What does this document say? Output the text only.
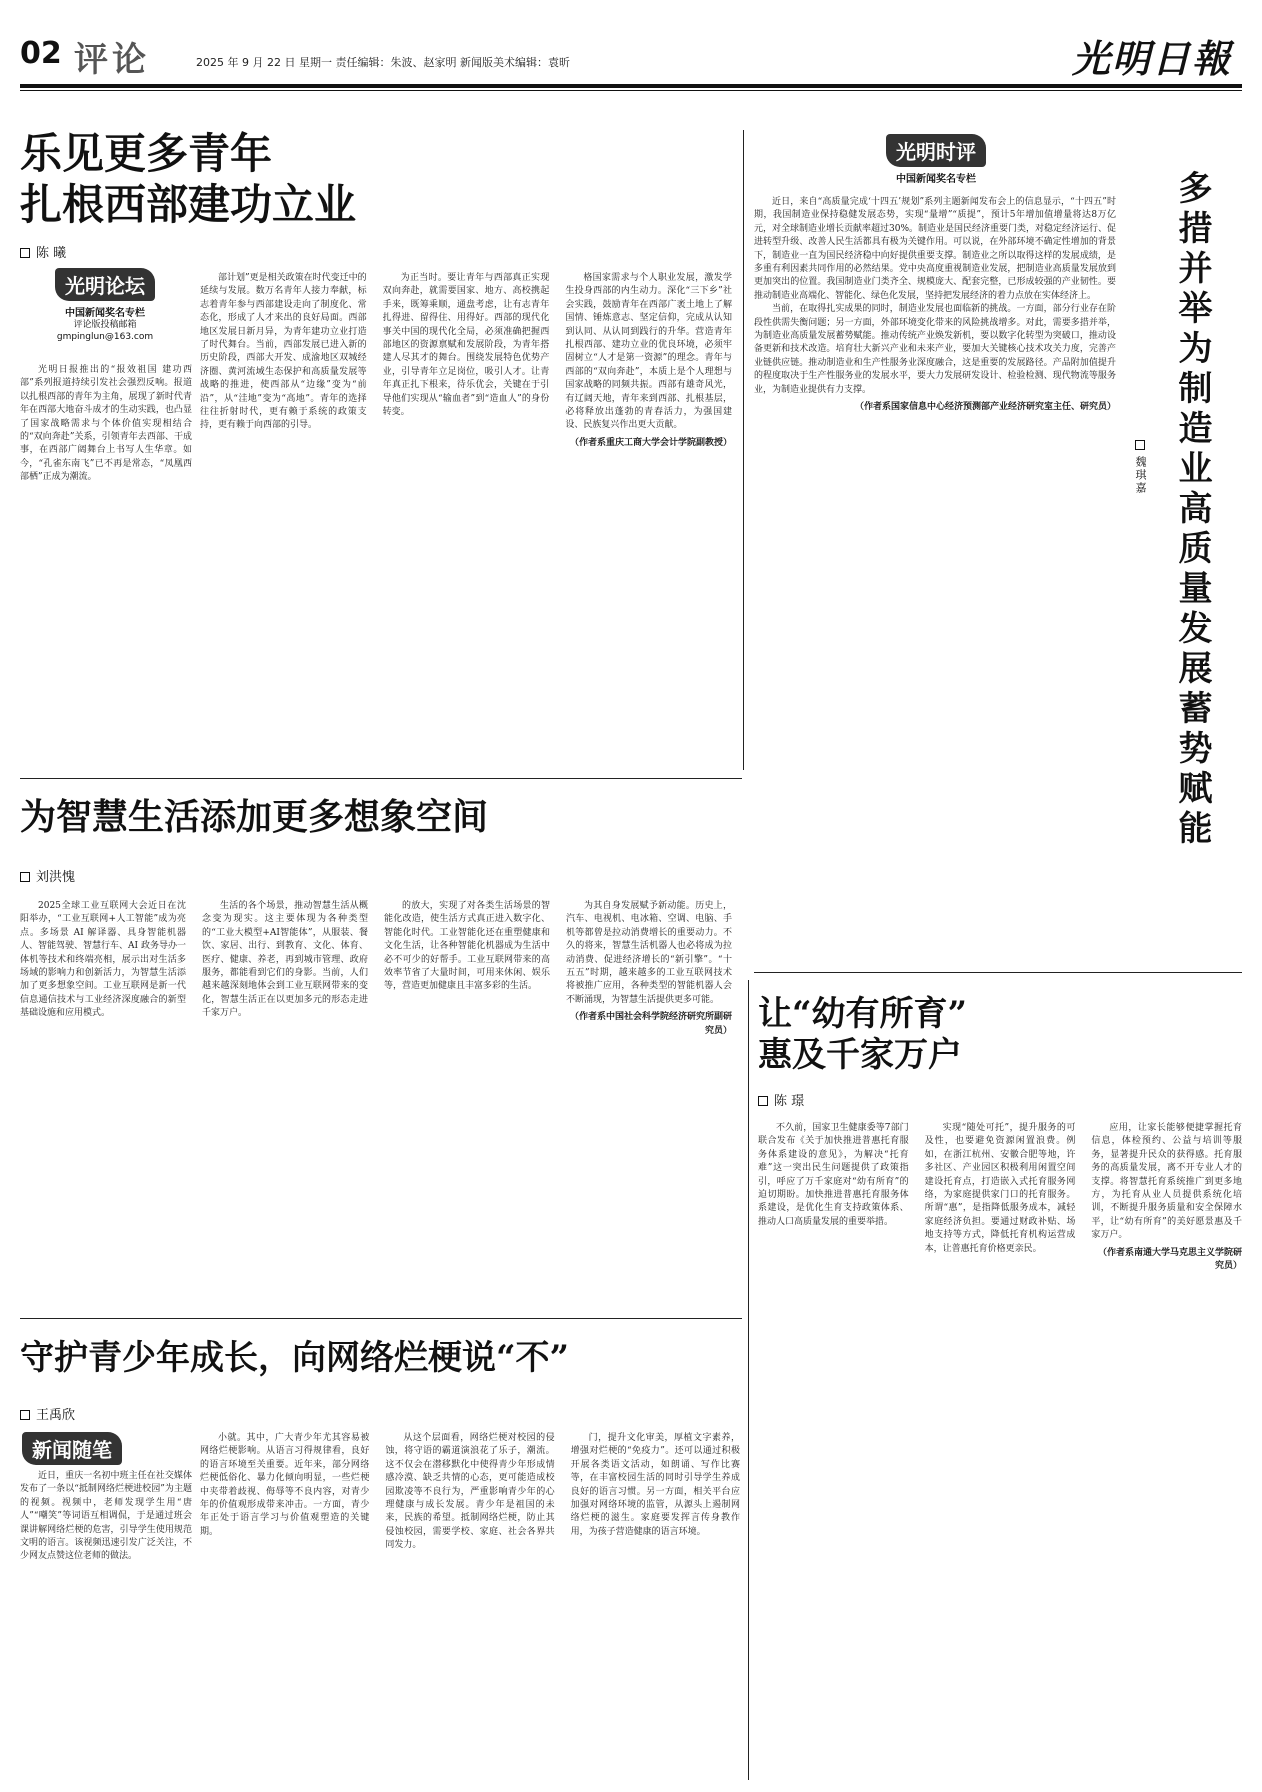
02 评论	2025 年 9 月 22 日 星期一 责任编辑：朱波、赵家明 新闻版美术编辑：袁昕	光明日報
乐见更多青年
扎根西部建功立业
陈 曦
光明论坛
中国新闻奖名专栏
评论版投稿邮箱
gmpinglun@163.com

光明日报推出的“报效祖国 建功西部”系列报道持续引发社会强烈反响。报道以扎根西部的青年为主角，展现了新时代青年在西部大地奋斗成才的生动实践，也凸显了国家战略需求与个体价值实现相结合的“双向奔赴”关系，引领青年去西部、干成事，在西部广阔舞台上书写人生华章。如今，“孔雀东南飞”已不再是常态，“凤凰西部栖”正成为潮流。

部计划”更是相关政策在时代变迁中的延续与发展。数万名青年人接力奉献，标志着青年参与西部建设走向了制度化、常态化，形成了人才来出的良好局面。西部地区发展日新月异，为青年建功立业打造了时代舞台。当前，西部发展已进入新的历史阶段，西部大开发、成渝地区双城经济圈、黄河流域生态保护和高质量发展等战略的推进，使西部从“边缘”变为“前沿”，从“洼地”变为“高地”。青年的选择往往折射时代，更有赖于系统的政策支持，更有赖于向西部的引导。

为正当时。要让青年与西部真正实现双向奔赴，就需要国家、地方、高校携起手来，既筹乘顺，通盘考虑，让有志青年扎得进、留得住、用得好。西部的现代化事关中国的现代化全局，必须准确把握西部地区的资源禀赋和发展阶段，为青年搭建人尽其才的舞台。围绕发展特色优势产业，引导青年立足岗位，吸引人才。让青年真正扎下根来，待乐优会，关键在于引导他们实现从“输血者”到“造血人”的身份转变。

格国家需求与个人职业发展，激发学生投身西部的内生动力。深化“三下乡”社会实践，鼓励青年在西部广袤土地上了解国情、锤炼意志、坚定信仰，完成从认知到认同、从认同到践行的升华。营造青年扎根西部、建功立业的优良环境，必须牢固树立“人才是第一资源”的理念。青年与西部的“双向奔赴”，本质上是个人理想与国家战略的同频共振。西部有雄奇风光，有辽阔天地，青年来到西部、扎根基层，必将释放出蓬勃的青春活力，为强国建设、民族复兴作出更大贡献。

（作者系重庆工商大学会计学院副教授）

光明时评
中国新闻奖名专栏	多措并举为制造业高质量发展蓄势赋能
魏琪嘉

近日，来自“高质量完成‘十四五’规划”系列主题新闻发布会上的信息显示，“十四五”时期，我国制造业保持稳健发展态势，实现“量增”“质提”，预计5年增加值增量将达8万亿元，对全球制造业增长贡献率超过30%。制造业是国民经济重要门类，对稳定经济运行、促进转型升级、改善人民生活都具有极为关键作用。可以说，在外部环境不确定性增加的背景下，制造业一直为国民经济稳中向好提供重要支撑。制造业之所以取得这样的发展成绩，是多重有利因素共同作用的必然结果。党中央高度重视制造业发展，把制造业高质量发展放到更加突出的位置。我国制造业门类齐全、规模庞大、配套完整，已形成较强的产业韧性。要推动制造业高端化、智能化、绿色化发展，坚持把发展经济的着力点放在实体经济上。

当前，在取得扎实成果的同时，制造业发展也面临新的挑战。一方面，部分行业存在阶段性供需失衡问题；另一方面，外部环境变化带来的风险挑战增多。对此，需要多措并举，为制造业高质量发展蓄势赋能。推动传统产业焕发新机，要以数字化转型为突破口，推动设备更新和技术改造。培育壮大新兴产业和未来产业，要加大关键核心技术攻关力度，完善产业链供应链。推动制造业和生产性服务业深度融合，这是重要的发展路径。产品附加值提升的程度取决于生产性服务业的发展水平，要大力发展研发设计、检验检测、现代物流等服务业，为制造业提供有力支撑。

（作者系国家信息中心经济预测部产业经济研究室主任、研究员）

为智慧生活添加更多想象空间
刘洪愧

2025全球工业互联网大会近日在沈阳举办，“工业互联网+人工智能”成为亮点。多场景 AI 解译器、具身智能机器人、智能驾驶、智慧行车、AI 政务导办一体机等技术和终端亮相，展示出对生活多场域的影响力和创新活力，为智慧生活添加了更多想象空间。工业互联网是新一代信息通信技术与工业经济深度融合的新型基础设施和应用模式。

生活的各个场景，推动智慧生活从概念变为现实。这主要体现为各种类型的“工业大模型+AI智能体”，从服装、餐饮、家居、出行、到教育、文化、体育、医疗、健康、养老，再到城市管理、政府服务，都能看到它们的身影。当前，人们越来越深刻地体会到工业互联网带来的变化，智慧生活正在以更加多元的形态走进千家万户。

的放大，实现了对各类生活场景的智能化改造，使生活方式真正进入数字化、智能化时代。工业智能化还在重塑健康和文化生活，让各种智能化机器成为生活中必不可少的好帮手。工业互联网带来的高效率节省了大量时间，可用来休闲、娱乐等，营造更加健康且丰富多彩的生活。

为其自身发展赋予新动能。历史上，汽车、电视机、电冰箱、空调、电脑、手机等都曾是拉动消费增长的重要动力。不久的将来，智慧生活机器人也必将成为拉动消费、促进经济增长的“新引擎”。“十五五”时期，越来越多的工业互联网技术将被推广应用，各种类型的智能机器人会不断涌现，为智慧生活提供更多可能。

（作者系中国社会科学院经济研究所副研究员） 让“幼有所育”
惠及千家万户
陈 璟

不久前，国家卫生健康委等7部门联合发布《关于加快推进普惠托育服务体系建设的意见》，为解决“托育难”这一突出民生问题提供了政策指引，呼应了万千家庭对“幼有所育”的迫切期盼。加快推进普惠托育服务体系建设，是优化生育支持政策体系、推动人口高质量发展的重要举措。

实现“随处可托”，提升服务的可及性，也要避免资源闲置浪费。例如，在浙江杭州、安徽合肥等地，许多社区、产业园区积极利用闲置空间建设托育点，打造嵌入式托育服务网络，为家庭提供家门口的托育服务。所谓“惠”，是指降低服务成本，减轻家庭经济负担。要通过财政补贴、场地支持等方式，降低托育机构运营成本，让普惠托育价格更亲民。

应用，让家长能够便捷掌握托育信息，体检预约、公益与培训等服务，显著提升民众的获得感。托育服务的高质量发展，离不开专业人才的支撑。将智慧托育系统推广到更多地方，为托育从业人员提供系统化培训，不断提升服务质量和安全保障水平，让“幼有所育”的美好愿景惠及千家万户。

（作者系南通大学马克思主义学院研究员）

守护青少年成长，向网络烂梗说“不”
王禹欣
新闻随笔

近日，重庆一名初中班主任在社交媒体发布了一条以“抵制网络烂梗进校园”为主题的视频。视频中，老师发现学生用“唐人”“嘲笑”等词语互相调侃，于是通过班会课讲解网络烂梗的危害，引导学生使用规范文明的语言。该视频迅速引发广泛关注，不少网友点赞这位老师的做法。

小就。其中，广大青少年尤其容易被网络烂梗影响。从语言习得规律看，良好的语言环境至关重要。近年来，部分网络烂梗低俗化、暴力化倾向明显，一些烂梗中夹带着歧视、侮辱等不良内容，对青少年的价值观形成带来冲击。一方面，青少年正处于语言学习与价值观塑造的关键期。

从这个层面看，网络烂梗对校园的侵蚀，将守语的霸道演浪花了乐子，潮流。这不仅会在潜移默化中使得青少年形成情感冷漠、缺乏共情的心态，更可能造成校园欺凌等不良行为，严重影响青少年的心理健康与成长发展。青少年是祖国的未来，民族的希望。抵制网络烂梗，防止其侵蚀校园，需要学校、家庭、社会各界共同发力。

门，提升文化审美，厚植文字素养，增强对烂梗的“免疫力”。还可以通过积极开展各类语文活动，如朗诵、写作比赛等，在丰富校园生活的同时引导学生养成良好的语言习惯。另一方面，相关平台应加强对网络环境的监管，从源头上遏制网络烂梗的滋生。家庭要发挥言传身教作用，为孩子营造健康的语言环境。
